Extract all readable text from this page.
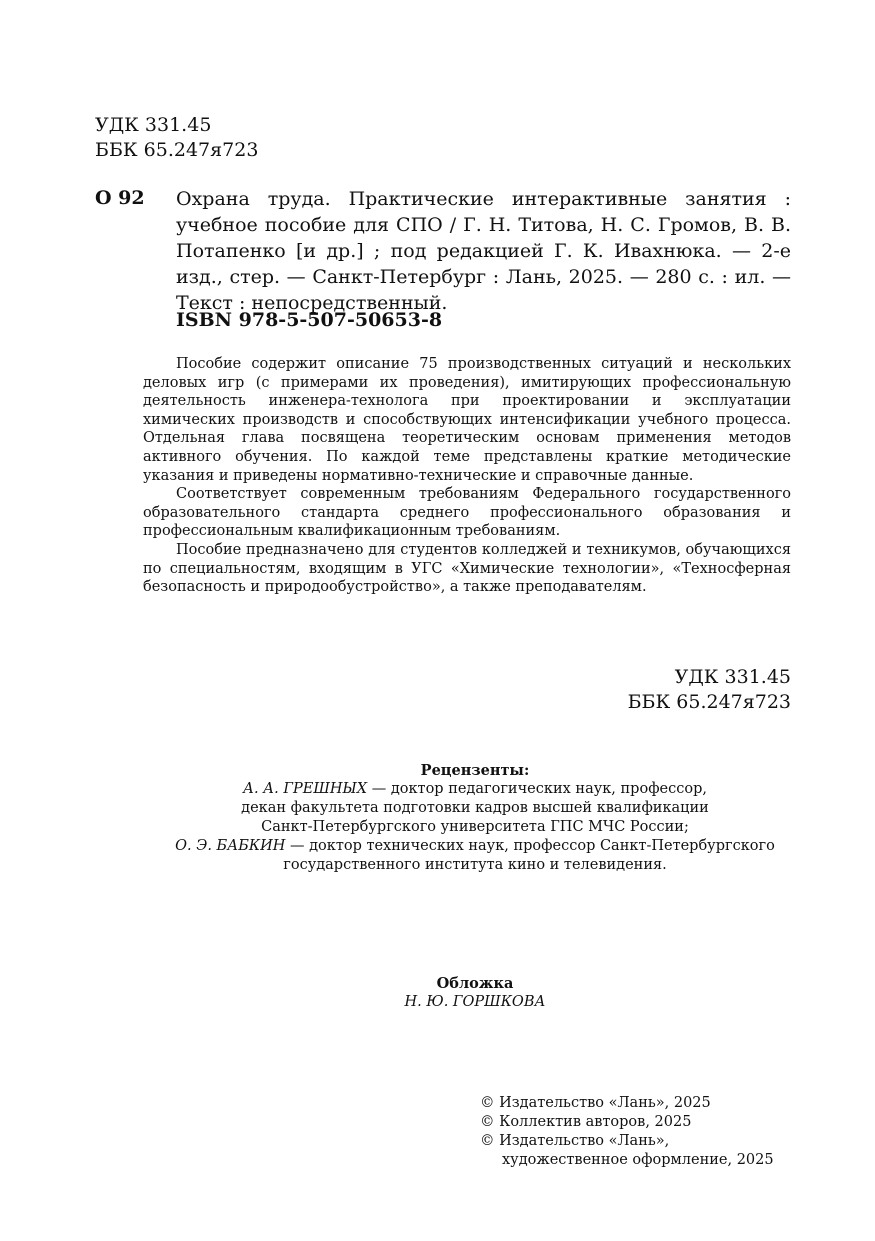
УДК 331.45
ББК 65.247я723
О 92 Охрана труда. Практические интерактивные занятия : учебное пособие для СПО / Г. Н. Титова, Н. С. Громов, В. В. Потапенко [и др.] ; под редакцией Г. К. Ивахнюка. — 2-е изд., стер. — Санкт-Петербург : Лань, 2025. — 280 с. : ил. — Текст : непосредственный.
ISBN 978-5-507-50653-8

Пособие содержит описание 75 производственных ситуаций и нескольких деловых игр (с примерами их проведения), имитирующих профессиональную деятельность инженера-технолога при проектировании и эксплуатации химических производств и способствующих интенсификации учебного процесса. Отдельная глава посвящена теоретическим основам применения методов активного обучения. По каждой теме представлены краткие методические указания и приведены нормативно-технические и справочные данные.

Соответствует современным требованиям Федерального государственного образовательного стандарта среднего профессионального образования и профессиональным квалификационным требованиям.

Пособие предназначено для студентов колледжей и техникумов, обучающихся по специальностям, входящим в УГС «Химические технологии», «Техносферная безопасность и природообустройство», а также преподавателям.

УДК 331.45
ББК 65.247я723
Рецензенты:
А. А. ГРЕШНЫХ — доктор педагогических наук, профессор,
декан факультета подготовки кадров высшей квалификации
Санкт-Петербургского университета ГПС МЧС России;
О. Э. БАБКИН — доктор технических наук, профессор Санкт-Петербургского
государственного института кино и телевидения.
Обложка
Н. Ю. ГОРШКОВА
© Издательство «Лань», 2025
© Коллектив авторов, 2025
© Издательство «Лань»,
художественное оформление, 2025
